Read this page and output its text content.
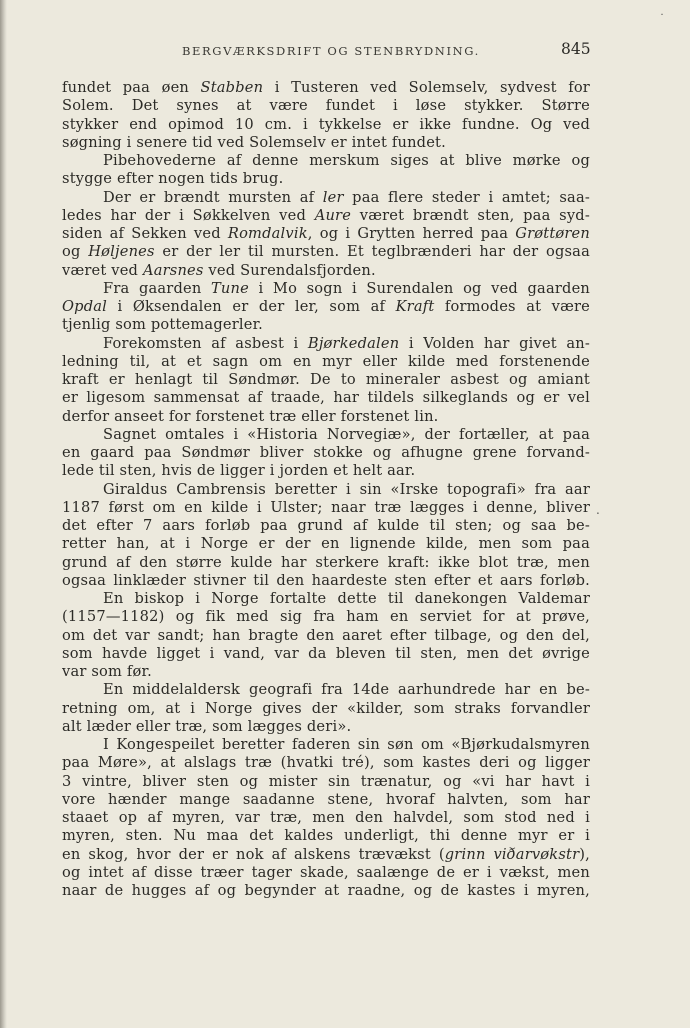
BERGVÆRKSDRIFT OG STENBRYDNING.	845
fundet paa øen Stabben i Tusteren ved Solemselv, sydvest for
Solem. Det synes at være fundet i løse stykker. Større
stykker end opimod 10 cm. i tykkelse er ikke fundne. Og ved
søgning i senere tid ved Solemselv er intet fundet.
Pibehovederne af denne merskum siges at blive mørke og
stygge efter nogen tids brug.
Der er brændt mursten af ler paa flere steder i amtet; saa-
ledes har der i Søkkelven ved Aure været brændt sten, paa syd-
siden af Sekken ved Romdalvik, og i Grytten herred paa Grøttøren
og Høljenes er der ler til mursten. Et teglbrænderi har der ogsaa
været ved Aarsnes ved Surendalsfjorden.
Fra gaarden Tune i Mo sogn i Surendalen og ved gaarden
Opdal i Øksendalen er der ler, som af Kraft formodes at være
tjenlig som pottemagerler.
Forekomsten af asbest i Bjørkedalen i Volden har givet an-
ledning til, at et sagn om en myr eller kilde med forstenende
kraft er henlagt til Søndmør. De to mineraler asbest og amiant
er ligesom sammensat af traade, har tildels silkeglands og er vel
derfor anseet for forstenet træ eller forstenet lin.
Sagnet omtales i «Historia Norvegiæ», der fortæller, at paa
en gaard paa Søndmør bliver stokke og afhugne grene forvand-
lede til sten, hvis de ligger i jorden et helt aar.
Giraldus Cambrensis beretter i sin «Irske topografi» fra aar
1187 først om en kilde i Ulster; naar træ lægges i denne, bliver
det efter 7 aars forløb paa grund af kulde til sten; og saa be-
retter han, at i Norge er der en lignende kilde, men som paa
grund af den større kulde har sterkere kraft: ikke blot træ, men
ogsaa linklæder stivner til den haardeste sten efter et aars forløb.
En biskop i Norge fortalte dette til danekongen Valdemar
(1157—1182) og fik med sig fra ham en serviet for at prøve,
om det var sandt; han bragte den aaret efter tilbage, og den del,
som havde ligget i vand, var da bleven til sten, men det øvrige
var som før.
En middelaldersk geografi fra 14de aarhundrede har en be-
retning om, at i Norge gives der «kilder, som straks forvandler
alt læder eller træ, som lægges deri».
I Kongespeilet beretter faderen sin søn om «Bjørkudalsmyren
paa Møre», at alslags træ (hvatki tré), som kastes deri og ligger
3 vintre, bliver sten og mister sin trænatur, og «vi har havt i
vore hænder mange saadanne stene, hvoraf halvten, som har
staaet op af myren, var træ, men den halvdel, som stod ned i
myren, sten. Nu maa det kaldes underligt, thi denne myr er i
en skog, hvor der er nok af alskens trævækst (grinn viðarvøkstr),
og intet af disse træer tager skade, saalænge de er i vækst, men
naar de hugges af og begynder at raadne, og de kastes i myren,
˙
.
